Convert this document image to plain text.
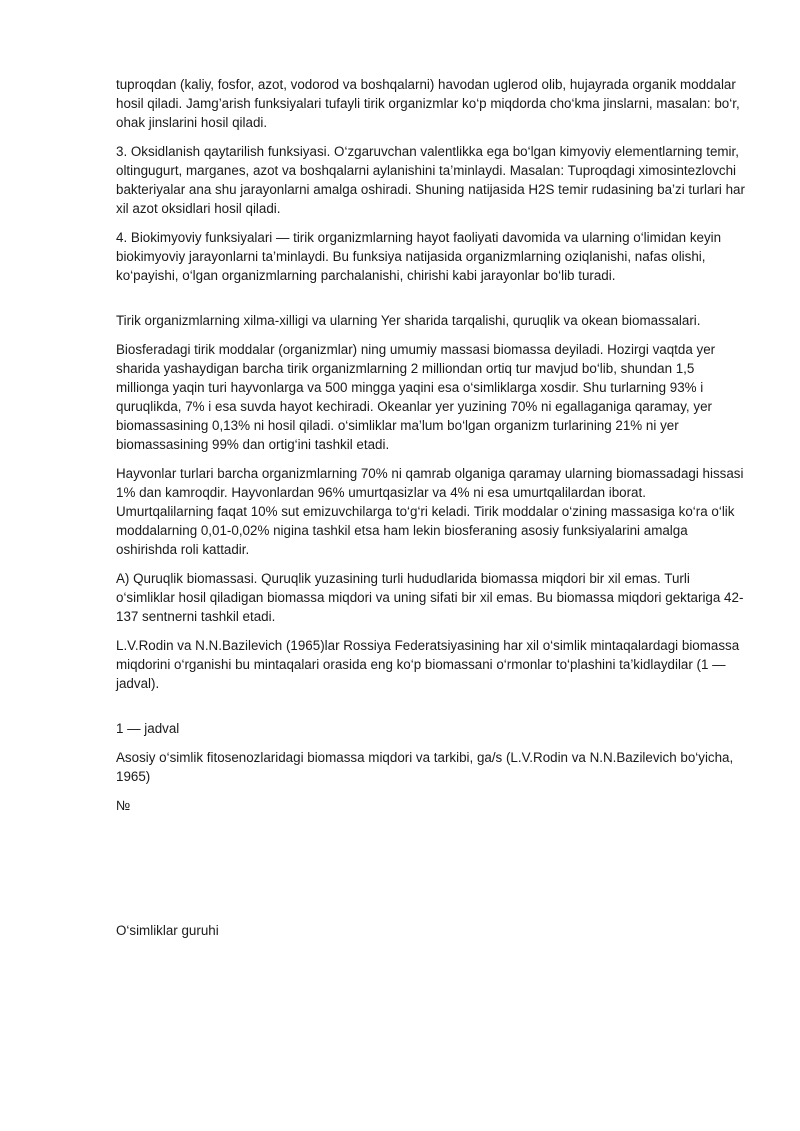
tuproqdan (kaliy, fosfor, azot, vodorod va boshqalarni) havodan uglerod olib, hujayrada organik moddalar hosil qiladi. Jamg’arish funksiyalari tufayli tirik organizmlar ko‘p miqdorda cho‘kma jinslarni, masalan: bo‘r, ohak jinslarini hosil qiladi.

3. Oksidlanish qaytarilish funksiyasi. O‘zgaruvchan valentlikka ega bo‘lgan kimyoviy elementlarning temir, oltingugurt, marganes, azot va boshqalarni aylanishini ta’minlaydi. Masalan: Tuproqdagi ximosintezlovchi bakteriyalar ana shu jarayonlarni amalga oshiradi. Shuning natijasida H2S temir rudasining ba’zi turlari har xil azot oksidlari hosil qiladi.

4. Biokimyoviy funksiyalari — tirik organizmlarning hayot faoliyati davomida va ularning o‘limidan keyin biokimyoviy jarayonlarni ta’minlaydi. Bu funksiya natijasida organizmlarning oziqlanishi, nafas olishi, ko‘payishi, o‘lgan organizmlarning parchalanishi, chirishi kabi jarayonlar bo‘lib turadi.

Tirik organizmlarning xilma-xilligi va ularning Yer sharida tarqalishi, quruqlik va okean biomassalari.

Biosferadagi tirik moddalar (organizmlar) ning umumiy massasi biomassa deyiladi. Hozirgi vaqtda yer sharida yashaydigan barcha tirik organizmlarning 2 milliondan ortiq tur mavjud bo‘lib, shundan 1,5 millionga yaqin turi hayvonlarga va 500 mingga yaqini esa o‘simliklarga xosdir. Shu turlarning 93% i quruqlikda, 7% i esa suvda hayot kechiradi. Okeanlar yer yuzining 70% ni egallaganiga qaramay, yer biomassasining 0,13% ni hosil qiladi. o‘simliklar ma’lum bo‘lgan organizm turlarining 21% ni yer biomassasining 99% dan ortig‘ini tashkil etadi.

Hayvonlar turlari barcha organizmlarning 70% ni qamrab olganiga qaramay ularning biomassadagi hissasi 1% dan kamroqdir. Hayvonlardan 96% umurtqasizlar va 4% ni esa umurtqalilardan iborat. Umurtqalilarning faqat 10% sut emizuvchilarga to‘g‘ri keladi. Tirik moddalar o‘zining massasiga ko‘ra o‘lik moddalarning 0,01-0,02% nigina tashkil etsa ham lekin biosferaning asosiy funksiyalarini amalga oshirishda roli kattadir.

A) Quruqlik biomassasi. Quruqlik yuzasining turli hududlarida biomassa miqdori bir xil emas. Turli o‘simliklar hosil qiladigan biomassa miqdori va uning sifati bir xil emas. Bu biomassa miqdori gektariga 42-137 sentnerni tashkil etadi.

L.V.Rodin va N.N.Bazilevich (1965)lar Rossiya Federatsiyasining har xil o‘simlik mintaqalardagi biomassa miqdorini o‘rganishi bu mintaqalari orasida eng ko‘p biomassani o‘rmonlar to‘plashini ta’kidlaydilar (1 — jadval).

1 — jadval

Asosiy o‘simlik fitosenozlaridagi biomassa miqdori va tarkibi, ga/s (L.V.Rodin va N.N.Bazilevich bo‘yicha, 1965)

№

O‘simliklar guruhi
